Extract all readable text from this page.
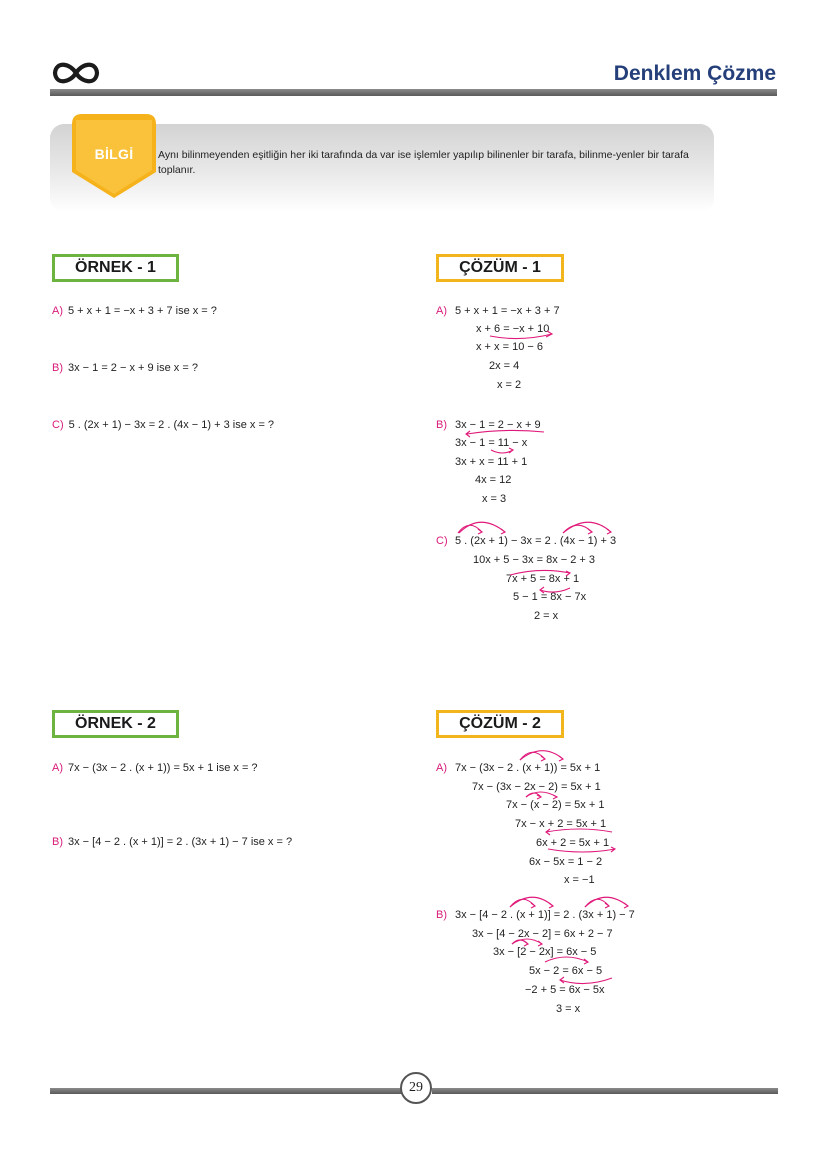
Denklem Çözme
BİLGİ	Aynı bilinmeyenden eşitliğin her iki tarafında da var ise işlemler yapılıp bilinenler bir tarafa, bilinme-yenler bir tarafa toplanır.
ÖRNEK - 1
A) 5 + x + 1 = −x + 3 + 7 ise x = ?
B) 3x − 1 = 2 − x + 9 ise x = ?
C) 5 . (2x + 1) − 3x = 2 . (4x − 1) + 3 ise x = ?
ÇÖZÜM - 1
A) 5 + x + 1 = −x + 3 + 7
x + 6 = −x + 10
x + x = 10 − 6
2x = 4
x = 2
B) 3x − 1 = 2 − x + 9
3x − 1 = 11 − x
3x + x = 11 + 1
4x = 12
x = 3
C) 5 . (2x + 1) − 3x = 2 . (4x − 1) + 3
10x + 5 − 3x = 8x − 2 + 3
7x + 5 = 8x + 1
5 − 1 = 8x − 7x
2 = x
ÖRNEK - 2
A) 7x − (3x − 2 . (x + 1)) = 5x + 1 ise x = ?
B) 3x − [4 − 2 . (x + 1)] = 2 . (3x + 1) − 7 ise x = ?
ÇÖZÜM - 2
A) 7x − (3x − 2 . (x + 1)) = 5x + 1
7x − (3x − 2x − 2) = 5x + 1
7x − (x − 2) = 5x + 1
7x − x + 2 = 5x + 1
6x + 2 = 5x + 1
6x − 5x = 1 − 2
x = −1
B) 3x − [4 − 2 . (x + 1)] = 2 . (3x + 1) − 7
3x − [4 − 2x − 2] = 6x + 2 − 7
3x − [2 − 2x] = 6x − 5
5x − 2 = 6x − 5
−2 + 5 = 6x − 5x
3 = x
29
